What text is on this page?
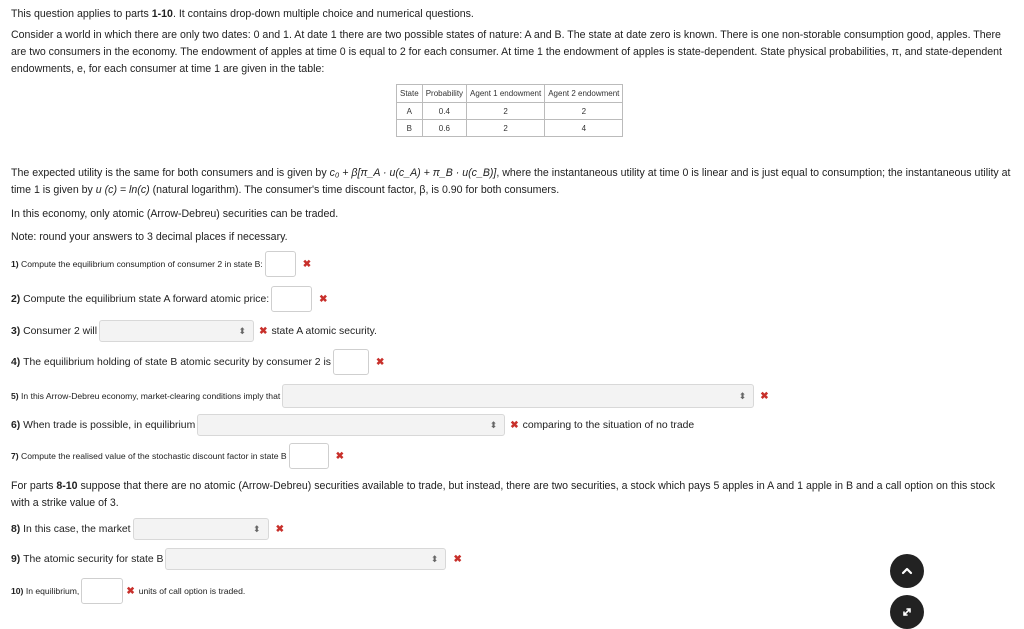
This question applies to parts 1-10. It contains drop-down multiple choice and numerical questions.

Consider a world in which there are only two dates: 0 and 1. At date 1 there are two possible states of nature: A and B. The state at date zero is known. There is one non-storable consumption good, apples. There are two consumers in the economy. The endowment of apples at time 0 is equal to 2 for each consumer. At time 1 the endowment of apples is state-dependent. State physical probabilities, π, and state-dependent endowments, e, for each consumer at time 1 are given in the table:

State	Probability	Agent 1 endowment	Agent 2 endowment
A	0.4	2	2
B	0.6	2	4

The expected utility is the same for both consumers and is given by c₀ + β[π_A · u(c_A) + π_B · u(c_B)], where the instantaneous utility at time 0 is linear and is just equal to consumption; the instantaneous utility at time 1 is given by u (c) = ln(c) (natural logarithm). The consumer's time discount factor, β, is 0.90 for both consumers.

In this economy, only atomic (Arrow-Debreu) securities can be traded.

Note: round your answers to 3 decimal places if necessary.

1)
Compute the equilibrium consumption of consumer 2 in state B:	✖
2)
Compute the equilibrium state A forward atomic price:	✖
3)
Consumer 2 will	⬍ ✖ state A atomic security.
4)
The equilibrium holding of state B atomic security by consumer 2 is	✖
5)
In this Arrow-Debreu economy, market-clearing conditions imply that	⬍ ✖
6)
When trade is possible, in equilibrium	⬍ ✖ comparing to the situation of no trade
7)
Compute the realised value of the stochastic discount factor in state B	✖

For parts 8-10 suppose that there are no atomic (Arrow-Debreu) securities available to trade, but instead, there are two securities, a stock which pays 5 apples in A and 1 apple in B and a call option on this stock with a strike value of 3.

8)
In this case, the market	⬍ ✖
9)
The atomic security for state B	⬍ ✖
10)
In equilibrium,	✖ units of call option is traded.
